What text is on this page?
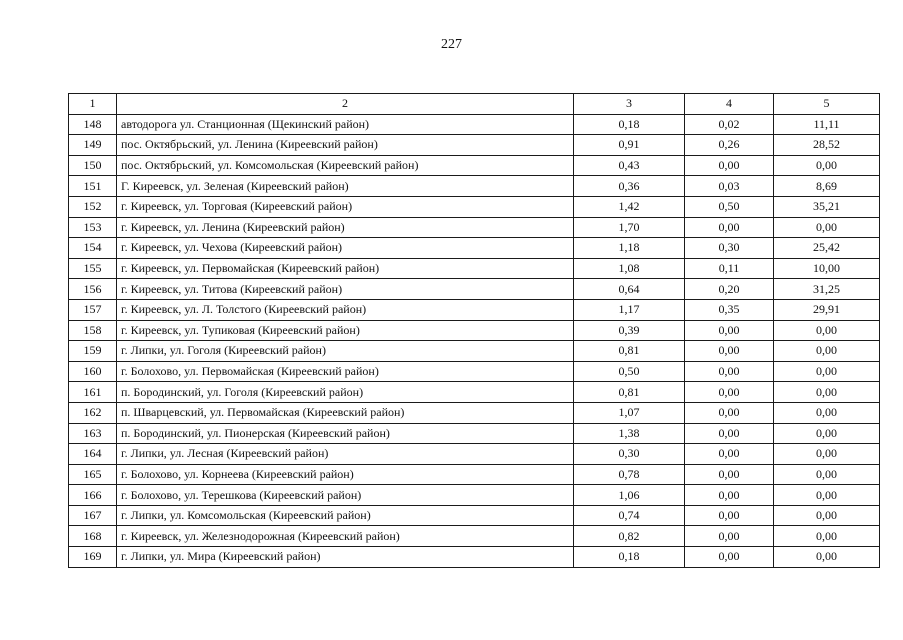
227
1	2	3	4	5
148	автодорога ул. Станционная (Щекинский район)	0,18	0,02	11,11
149	пос. Октябрьский, ул. Ленина (Киреевский район)	0,91	0,26	28,52
150	пос. Октябрьский, ул. Комсомольская (Киреевский район)	0,43	0,00	0,00
151	Г. Киреевск, ул. Зеленая (Киреевский район)	0,36	0,03	8,69
152	г. Киреевск, ул. Торговая (Киреевский район)	1,42	0,50	35,21
153	г. Киреевск, ул. Ленина (Киреевский район)	1,70	0,00	0,00
154	г. Киреевск, ул. Чехова (Киреевский район)	1,18	0,30	25,42
155	г. Киреевск, ул. Первомайская (Киреевский район)	1,08	0,11	10,00
156	г. Киреевск, ул. Титова (Киреевский район)	0,64	0,20	31,25
157	г. Киреевск, ул. Л. Толстого (Киреевский район)	1,17	0,35	29,91
158	г. Киреевск, ул. Тупиковая (Киреевский район)	0,39	0,00	0,00
159	г. Липки, ул. Гоголя (Киреевский район)	0,81	0,00	0,00
160	г. Болохово, ул. Первомайская (Киреевский район)	0,50	0,00	0,00
161	п. Бородинский, ул. Гоголя (Киреевский район)	0,81	0,00	0,00
162	п. Шварцевский, ул. Первомайская (Киреевский район)	1,07	0,00	0,00
163	п. Бородинский, ул. Пионерская (Киреевский район)	1,38	0,00	0,00
164	г. Липки, ул. Лесная (Киреевский район)	0,30	0,00	0,00
165	г. Болохово, ул. Корнеева (Киреевский район)	0,78	0,00	0,00
166	г. Болохово, ул. Терешкова (Киреевский район)	1,06	0,00	0,00
167	г. Липки, ул. Комсомольская (Киреевский район)	0,74	0,00	0,00
168	г. Киреевск, ул. Железнодорожная (Киреевский район)	0,82	0,00	0,00
169	г. Липки, ул. Мира (Киреевский район)	0,18	0,00	0,00
